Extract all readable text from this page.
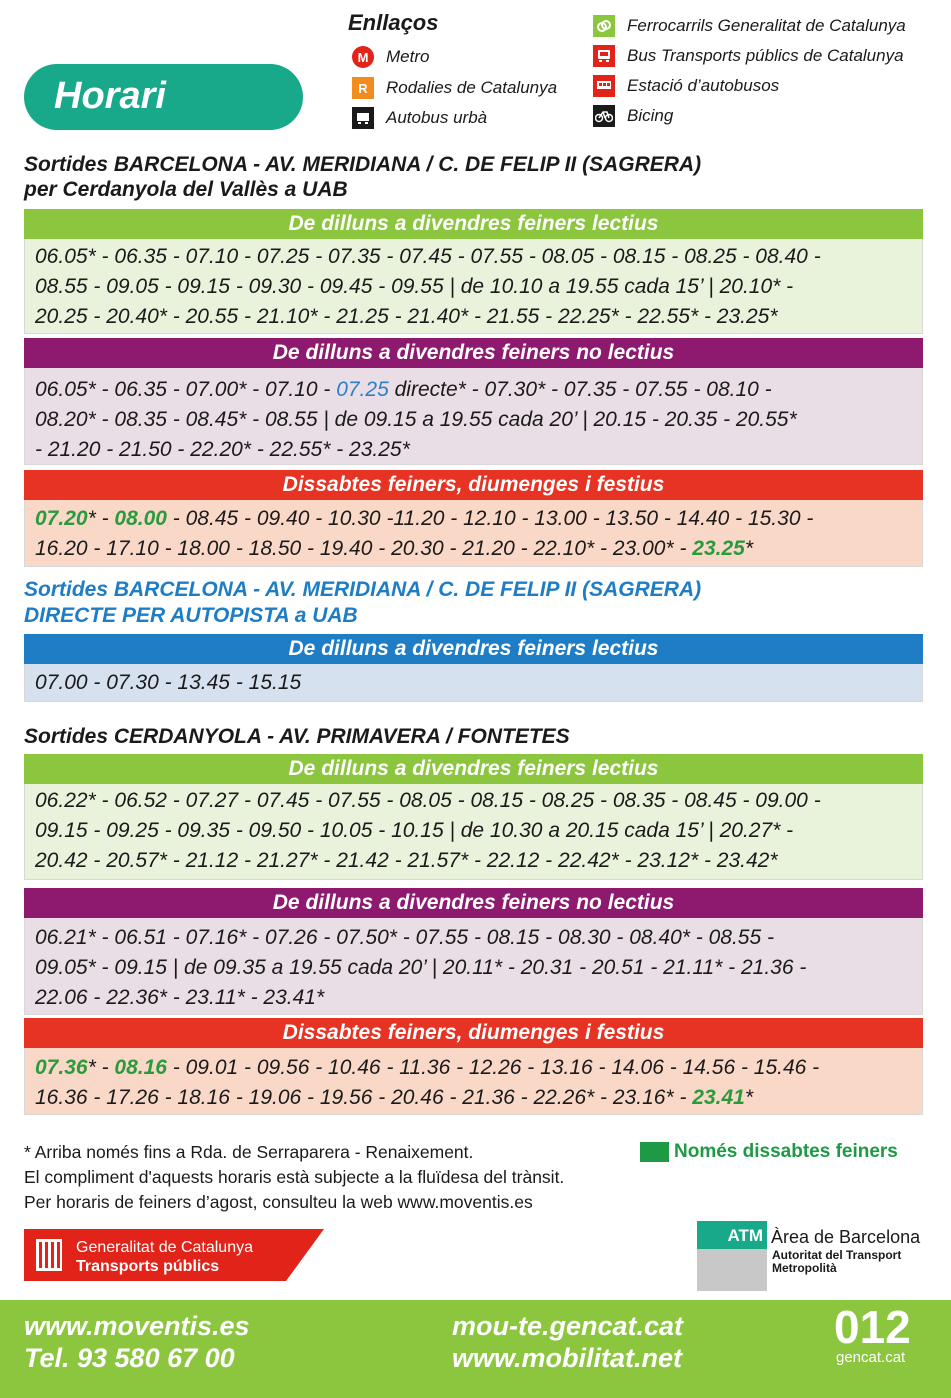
Horari
Enllaços
M	Metro
R	Rodalies de Catalunya
Autobus urbà
Ferrocarrils Generalitat de Catalunya
Bus Transports públics de Catalunya
Estació d’autobusos
Bicing
Sortides BARCELONA - AV. MERIDIANA / C. DE FELIP II (SAGRERA)
per Cerdanyola del Vallès a UAB
De dilluns a divendres feiners lectius
06.05* - 06.35 - 07.10 - 07.25 - 07.35 - 07.45 - 07.55 - 08.05 - 08.15 - 08.25 - 08.40 -
08.55 - 09.05 - 09.15 - 09.30 - 09.45 - 09.55 | de 10.10 a 19.55 cada 15’ | 20.10* -
20.25 - 20.40* - 20.55 - 21.10* - 21.25 - 21.40* - 21.55 - 22.25* - 22.55* - 23.25*
De dilluns a divendres feiners no lectius
06.05* - 06.35 - 07.00* - 07.10 - 07.25 directe* - 07.30* - 07.35 - 07.55 - 08.10 -
08.20* - 08.35 - 08.45* - 08.55 | de 09.15 a 19.55 cada 20’ | 20.15 - 20.35 - 20.55*
- 21.20 - 21.50 - 22.20* - 22.55* - 23.25*
Dissabtes feiners, diumenges i festius
07.20* - 08.00 - 08.45 - 09.40 - 10.30 -11.20 - 12.10 - 13.00 - 13.50 - 14.40 - 15.30 -
16.20 - 17.10 - 18.00 - 18.50 - 19.40 - 20.30 - 21.20 - 22.10* - 23.00* - 23.25*
Sortides BARCELONA - AV. MERIDIANA / C. DE FELIP II (SAGRERA)
DIRECTE PER AUTOPISTA a UAB
De dilluns a divendres feiners lectius
07.00 - 07.30 - 13.45 - 15.15
Sortides CERDANYOLA - AV. PRIMAVERA / FONTETES
De dilluns a divendres feiners lectius
06.22* - 06.52 - 07.27 - 07.45 - 07.55 - 08.05 - 08.15 - 08.25 - 08.35 - 08.45 - 09.00 -
09.15 - 09.25 - 09.35 - 09.50 - 10.05 - 10.15 | de 10.30 a 20.15 cada 15’ | 20.27* -
20.42 - 20.57* - 21.12 - 21.27* - 21.42 - 21.57* - 22.12 - 22.42* - 23.12* - 23.42*
De dilluns a divendres feiners no lectius
06.21* - 06.51 - 07.16* - 07.26 - 07.50* - 07.55 - 08.15 - 08.30 - 08.40* - 08.55 -
09.05* - 09.15 | de 09.35 a 19.55 cada 20’ | 20.11* - 20.31 - 20.51 - 21.11* - 21.36 -
22.06 - 22.36* - 23.11* - 23.41*
Dissabtes feiners, diumenges i festius
07.36* - 08.16 - 09.01 - 09.56 - 10.46 - 11.36 - 12.26 - 13.16 - 14.06 - 14.56 - 15.46 -
16.36 - 17.26 - 18.16 - 19.06 - 19.56 - 20.46 - 21.36 - 22.26* - 23.16* - 23.41*
* Arriba només fins a Rda. de Serraparera - Renaixement.
El compliment d'aquests horaris està subjecte a la fluïdesa del trànsit.
Per horaris de feiners d’agost, consulteu la web www.moventis.es
Només dissabtes feiners
Generalitat de Catalunya
Transports públics
ATM Àrea de Barcelona
Autoritat del Transport
Metropolità
www.moventis.es
Tel. 93 580 67 00
mou-te.gencat.cat
www.mobilitat.net
012
gencat.cat
